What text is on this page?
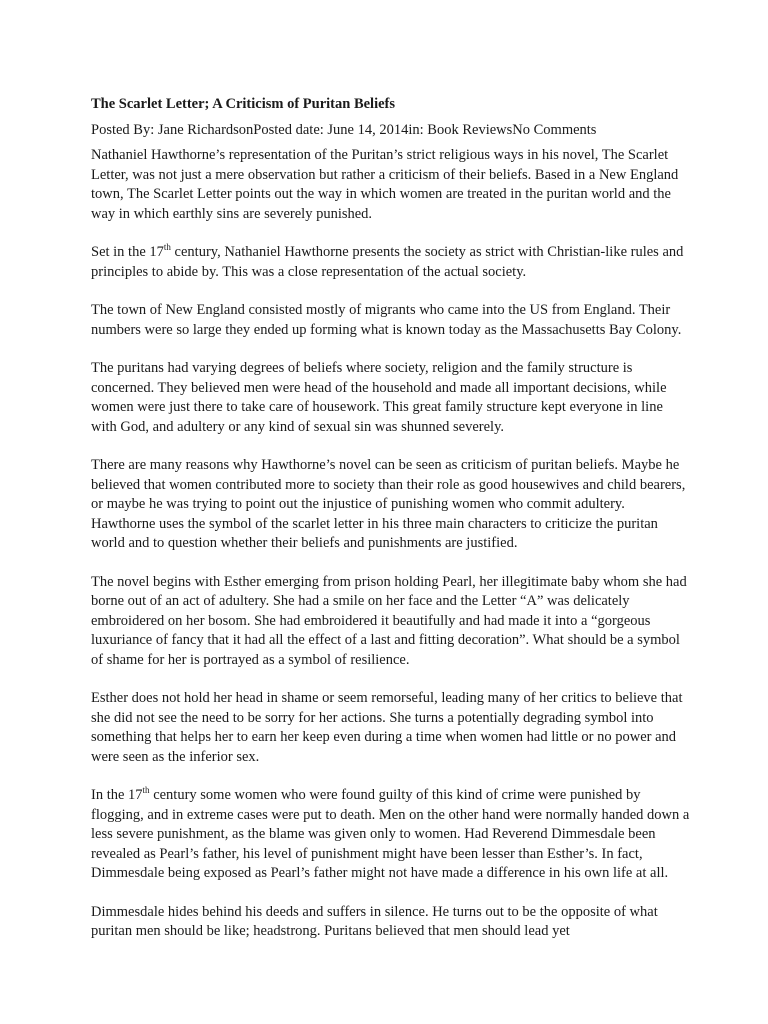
The Scarlet Letter; A Criticism of Puritan Beliefs
Posted By: Jane RichardsonPosted date: June 14, 2014in: Book ReviewsNo Comments

Nathaniel Hawthorne’s representation of the Puritan’s strict religious ways in his novel, The Scarlet Letter, was not just a mere observation but rather a criticism of their beliefs. Based in a New England town, The Scarlet Letter points out the way in which women are treated in the puritan world and the way in which earthly sins are severely punished.

Set in the 17th century, Nathaniel Hawthorne presents the society as strict with Christian-like rules and principles to abide by. This was a close representation of the actual society.

The town of New England consisted mostly of migrants who came into the US from England. Their numbers were so large they ended up forming what is known today as the Massachusetts Bay Colony.

The puritans had varying degrees of beliefs where society, religion and the family structure is concerned. They believed men were head of the household and made all important decisions, while women were just there to take care of housework. This great family structure kept everyone in line with God, and adultery or any kind of sexual sin was shunned severely.

There are many reasons why Hawthorne’s novel can be seen as criticism of puritan beliefs. Maybe he believed that women contributed more to society than their role as good housewives and child bearers, or maybe he was trying to point out the injustice of punishing women who commit adultery. Hawthorne uses the symbol of the scarlet letter in his three main characters to criticize the puritan world and to question whether their beliefs and punishments are justified.

The novel begins with Esther emerging from prison holding Pearl, her illegitimate baby whom she had borne out of an act of adultery. She had a smile on her face and the Letter “A” was delicately embroidered on her bosom. She had embroidered it beautifully and had made it into a “gorgeous luxuriance of fancy that it had all the effect of a last and fitting decoration”. What should be a symbol of shame for her is portrayed as a symbol of resilience.

Esther does not hold her head in shame or seem remorseful, leading many of her critics to believe that she did not see the need to be sorry for her actions. She turns a potentially degrading symbol into something that helps her to earn her keep even during a time when women had little or no power and were seen as the inferior sex.

In the 17th century some women who were found guilty of this kind of crime were punished by flogging, and in extreme cases were put to death. Men on the other hand were normally handed down a less severe punishment, as the blame was given only to women. Had Reverend Dimmesdale been revealed as Pearl’s father, his level of punishment might have been lesser than Esther’s. In fact, Dimmesdale being exposed as Pearl’s father might not have made a difference in his own life at all.

Dimmesdale hides behind his deeds and suffers in silence. He turns out to be the opposite of what puritan men should be like; headstrong. Puritans believed that men should lead yet
